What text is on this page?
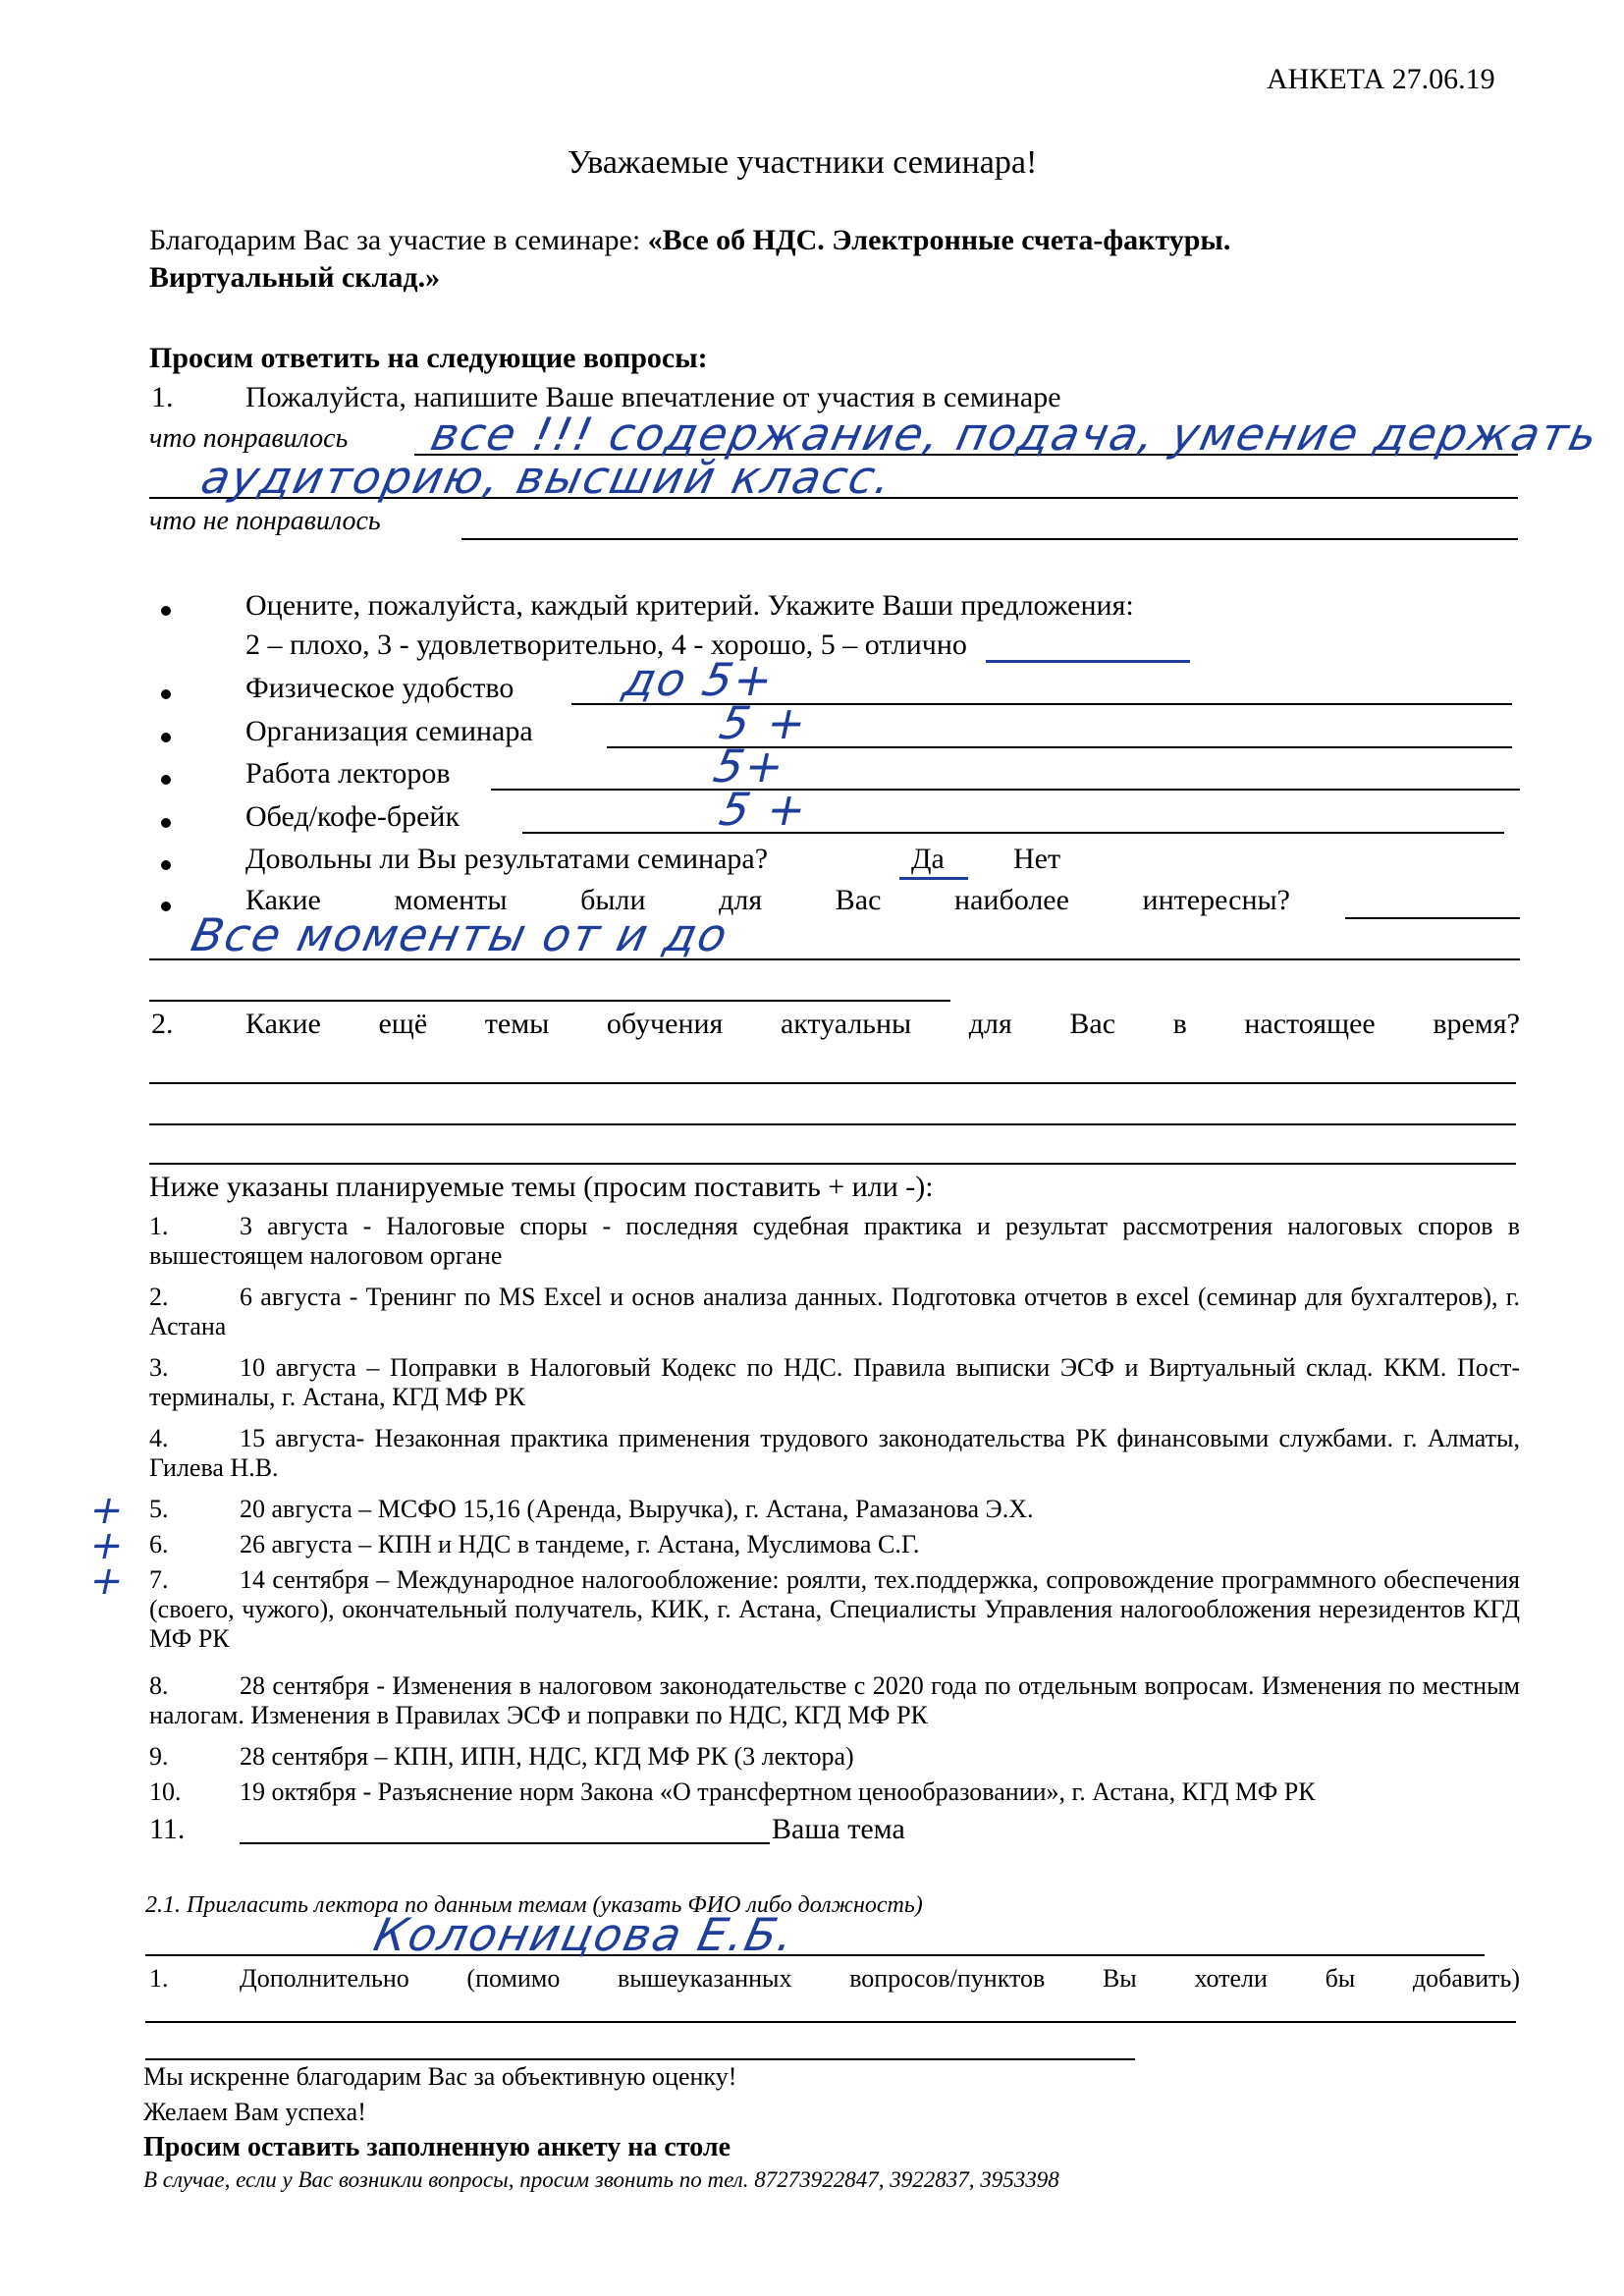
АНКЕТА 27.06.19
Уважаемые участники семинара!
Благодарим Вас за участие в семинаре: «Все об НДС. Электронные счета-фактуры.
Виртуальный склад.»
Просим ответить на следующие вопросы:
1. Пожалуйста, напишите Ваше впечатление от участия в семинаре
что понравилось все !!! содержание, подача, умение держать
аудиторию, высший класс.
что не понравилось
Оцените, пожалуйста, каждый критерий. Укажите Ваши предложения:
2 – плохо, 3 - удовлетворительно, 4 - хорошо, 5 – отлично
Физическое удобство до 5+
Организация семинара	5 +
Работа лекторов	5+
Обед/кофе-брейк	5 +
Довольны ли Вы результатами семинара?	Да Нет
Какие моменты были для Вас наиболее интересны?
Все моменты от и до
2. Какие ещё темы обучения актуальны для Вас в настоящее время?
Ниже указаны планируемые темы (просим поставить + или -):
1.	3 августа - Налоговые споры - последняя судебная практика и результат рассмотрения налоговых споров в вышестоящем налоговом органе
2.	6 августа - Тренинг по MS Excel и основ анализа данных. Подготовка отчетов в excel (семинар для бухгалтеров), г. Астана
3.	10 августа – Поправки в Налоговый Кодекс по НДС. Правила выписки ЭСФ и Виртуальный склад. ККМ. Пост-терминалы, г. Астана, КГД МФ РК
4.	15 августа- Незаконная практика применения трудового законодательства РК финансовыми службами. г. Алматы, Гилева Н.В.
+ 5.	20 августа – МСФО 15,16 (Аренда, Выручка), г. Астана, Рамазанова Э.Х.
+ 6.	26 августа – КПН и НДС в тандеме, г. Астана, Муслимова С.Г.
+ 7.	14 сентября – Международное налогообложение: роялти, тех.поддержка, сопровождение программного обеспечения (своего, чужого), окончательный получатель, КИК, г. Астана, Специалисты Управления налогообложения нерезидентов КГД МФ РК
8.	28 сентября - Изменения в налоговом законодательстве с 2020 года по отдельным вопросам. Изменения по местным налогам. Изменения в Правилах ЭСФ и поправки по НДС, КГД МФ РК
9.	28 сентября – КПН, ИПН, НДС, КГД МФ РК (3 лектора)
10. 19 октября - Разъяснение норм Закона «О трансфертном ценообразовании», г. Астана, КГД МФ РК
11.	Ваша тема
2.1. Пригласить лектора по данным темам (указать ФИО либо должность)
Колоницова Е.Б.
1.	Дополнительно (помимо вышеуказанных вопросов/пунктов Вы хотели бы добавить)
Мы искренне благодарим Вас за объективную оценку!
Желаем Вам успеха!
Просим оставить заполненную анкету на столе
В случае, если у Вас возникли вопросы, просим звонить по тел. 87273922847, 3922837, 3953398
